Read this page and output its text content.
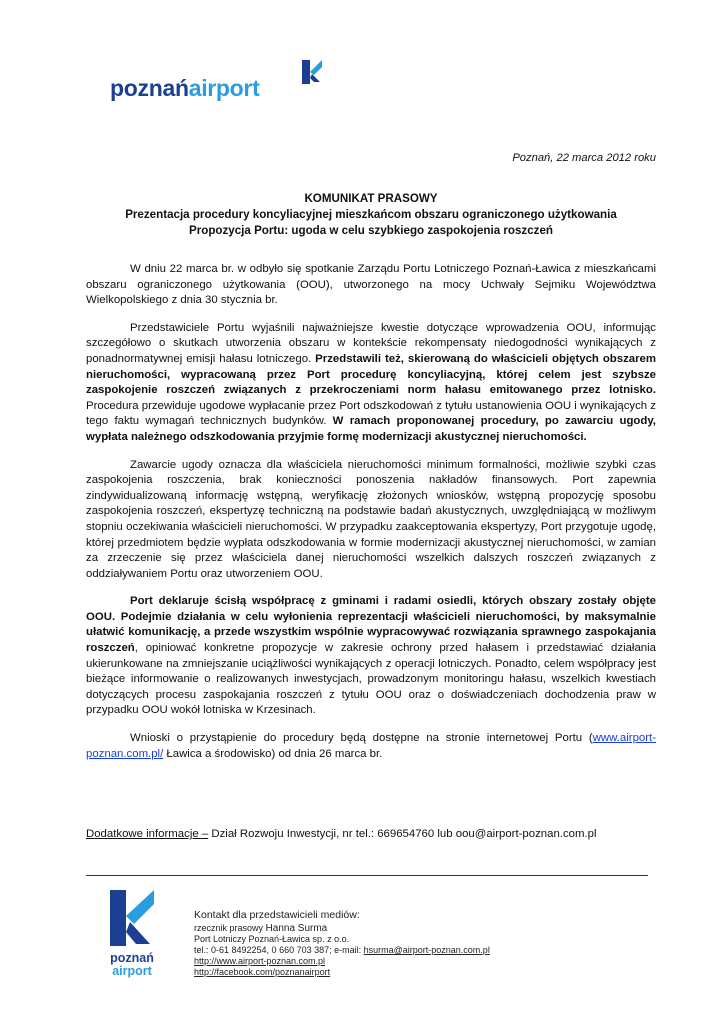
poznańairport
Poznań, 22 marca 2012 roku
KOMUNIKAT PRASOWY
Prezentacja procedury koncyliacyjnej mieszkańcom obszaru ograniczonego użytkowania
Propozycja Portu: ugoda w celu szybkiego zaspokojenia roszczeń

W dniu 22 marca br. w odbyło się spotkanie Zarządu Portu Lotniczego Poznań-Ławica z mieszkańcami obszaru ograniczonego użytkowania (OOU), utworzonego na mocy Uchwały Sejmiku Województwa Wielkopolskiego z dnia 30 stycznia br.

Przedstawiciele Portu wyjaśnili najważniejsze kwestie dotyczące wprowadzenia OOU, informując szczegółowo o skutkach utworzenia obszaru w kontekście rekompensaty niedogodności wynikających z ponadnormatywnej emisji hałasu lotniczego. Przedstawili też, skierowaną do właścicieli objętych obszarem nieruchomości, wypracowaną przez Port procedurę koncyliacyjną, której celem jest szybsze zaspokojenie roszczeń związanych z przekroczeniami norm hałasu emitowanego przez lotnisko. Procedura przewiduje ugodowe wypłacanie przez Port odszkodowań z tytułu ustanowienia OOU i wynikających z tego faktu wymagań technicznych budynków. W ramach proponowanej procedury, po zawarciu ugody, wypłata należnego odszkodowania przyjmie formę modernizacji akustycznej nieruchomości.

Zawarcie ugody oznacza dla właściciela nieruchomości minimum formalności, możliwie szybki czas zaspokojenia roszczenia, brak konieczności ponoszenia nakładów finansowych. Port zapewnia zindywidualizowaną informację wstępną, weryfikację złożonych wniosków, wstępną propozycję sposobu zaspokojenia roszczeń, ekspertyzę techniczną na podstawie badań akustycznych, uwzględniającą w możliwym stopniu oczekiwania właścicieli nieruchomości. W przypadku zaakceptowania ekspertyzy, Port przygotuje ugodę, której przedmiotem będzie wypłata odszkodowania w formie modernizacji akustycznej nieruchomości, w zamian za zrzeczenie się przez właściciela danej nieruchomości wszelkich dalszych roszczeń związanych z oddziaływaniem Portu oraz utworzeniem OOU.

Port deklaruje ścisłą współpracę z gminami i radami osiedli, których obszary zostały objęte OOU. Podejmie działania w celu wyłonienia reprezentacji właścicieli nieruchomości, by maksymalnie ułatwić komunikację, a przede wszystkim wspólnie wypracowywać rozwiązania sprawnego zaspokajania roszczeń, opiniować konkretne propozycje w zakresie ochrony przed hałasem i przedstawiać działania ukierunkowane na zmniejszanie uciążliwości wynikających z operacji lotniczych. Ponadto, celem współpracy jest bieżące informowanie o realizowanych inwestycjach, prowadzonym monitoringu hałasu, wszelkich kwestiach dotyczących procesu zaspokajania roszczeń z tytułu OOU oraz o doświadczeniach dochodzenia praw w przypadku OOU wokół lotniska w Krzesinach.

Wnioski o przystąpienie do procedury będą dostępne na stronie internetowej Portu (www.airport-poznan.com.pl/ Ławica a środowisko) od dnia 26 marca br.

Dodatkowe informacje – Dział Rozwoju Inwestycji, nr tel.: 669654760 lub oou@airport-poznan.com.pl
poznań
airport
Kontakt dla przedstawicieli mediów:
rzecznik prasowy Hanna Surma
Port Lotniczy Poznań-Ławica sp. z o.o.
tel.: 0-61 8492254, 0 660 703 387; e-mail: hsurma@airport-poznan.com.pl
http://www.airport-poznan.com.pl
http://facebook.com/poznanairport
